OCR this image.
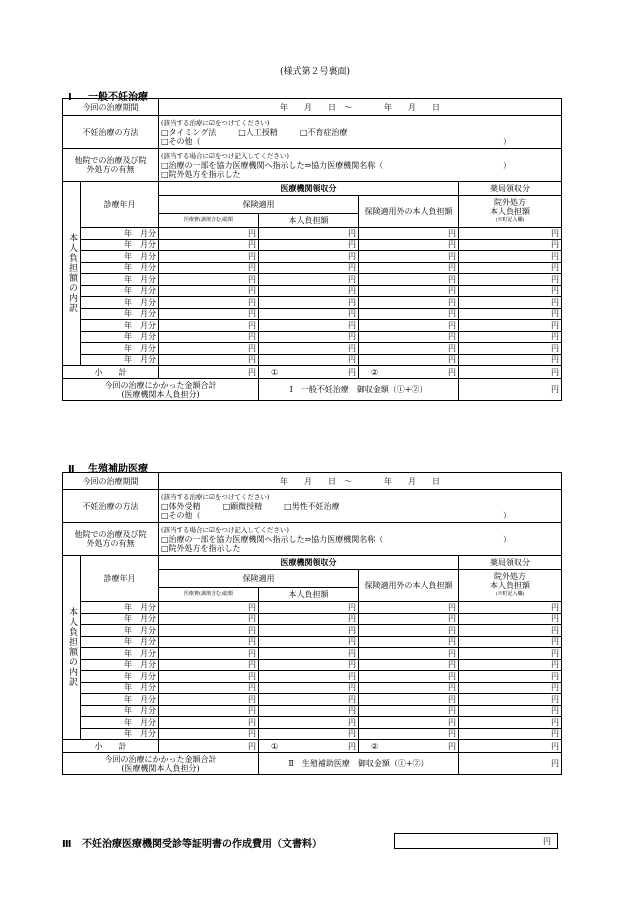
(様式第２号裏面)
Ⅰ 一般不妊治療
今回の治療期間		年　　月　　日　～　　　　年　　月　　日			
不妊治療の方法		(該当する治療に☑をつけてください)
□タイミング法 □人工授精 □不育症治療
□その他（ ）			

他院での治療及び院
外処方の有無		(該当する場合に☑をつけ記入してください)
□治療の一部を協力医療機関へ指示した⇒協力医療機関名称（ ）
□院外処方を指示した			

本人負担額の内訳	診療年月	医療機関領収分			薬局領収分
		保険適用		保険適用外の本人負担額	院外処方
本人負担額
(※町記入欄)

		医療費(調剤含む)総額	本人負担額		
	年　月分	円	円	円	円
	年　月分	円	円	円	円
	年　月分	円	円	円	円
	年　月分	円	円	円	円
	年　月分	円	円	円	円
	年　月分	円	円	円	円
	年　月分	円	円	円	円
	年　月分	円	円	円	円
	年　月分	円	円	円	円
	年　月分	円	円	円	円
	年　月分	円	円	円	円
	年　月分	円	円	円	円
小　　計		円	① 円	② 円	円

今回の治療にかかった金額合計
(医療機関本人負担分)			Ⅰ　一般不妊治療　御収金額（①+②）		円
Ⅱ 生殖補助医療
今回の治療期間		年　　月　　日　～　　　　年　　月　　日			
不妊治療の方法		(該当する治療に☑をつけてください)
□体外受精 □顕微授精 □男性不妊治療
□その他（ ）			

他院での治療及び院
外処方の有無		(該当する場合に☑をつけ記入してください)
□治療の一部を協力医療機関へ指示した⇒協力医療機関名称（ ）
□院外処方を指示した			

本人負担額の内訳	診療年月	医療機関領収分			薬局領収分
		保険適用		保険適用外の本人負担額	院外処方
本人負担額
(※町記入欄)

		医療費(調剤含む)総額	本人負担額		
	年　月分	円	円	円	円
	年　月分	円	円	円	円
	年　月分	円	円	円	円
	年　月分	円	円	円	円
	年　月分	円	円	円	円
	年　月分	円	円	円	円
	年　月分	円	円	円	円
	年　月分	円	円	円	円
	年　月分	円	円	円	円
	年　月分	円	円	円	円
	年　月分	円	円	円	円
	年　月分	円	円	円	円
小　　計		円	① 円	② 円	円

今回の治療にかかった金額合計
(医療機関本人負担分)			Ⅱ　生殖補助医療　御収金額（①+②）		円
Ⅲ 不妊治療医療機関受診等証明書の作成費用（文書料）	円
